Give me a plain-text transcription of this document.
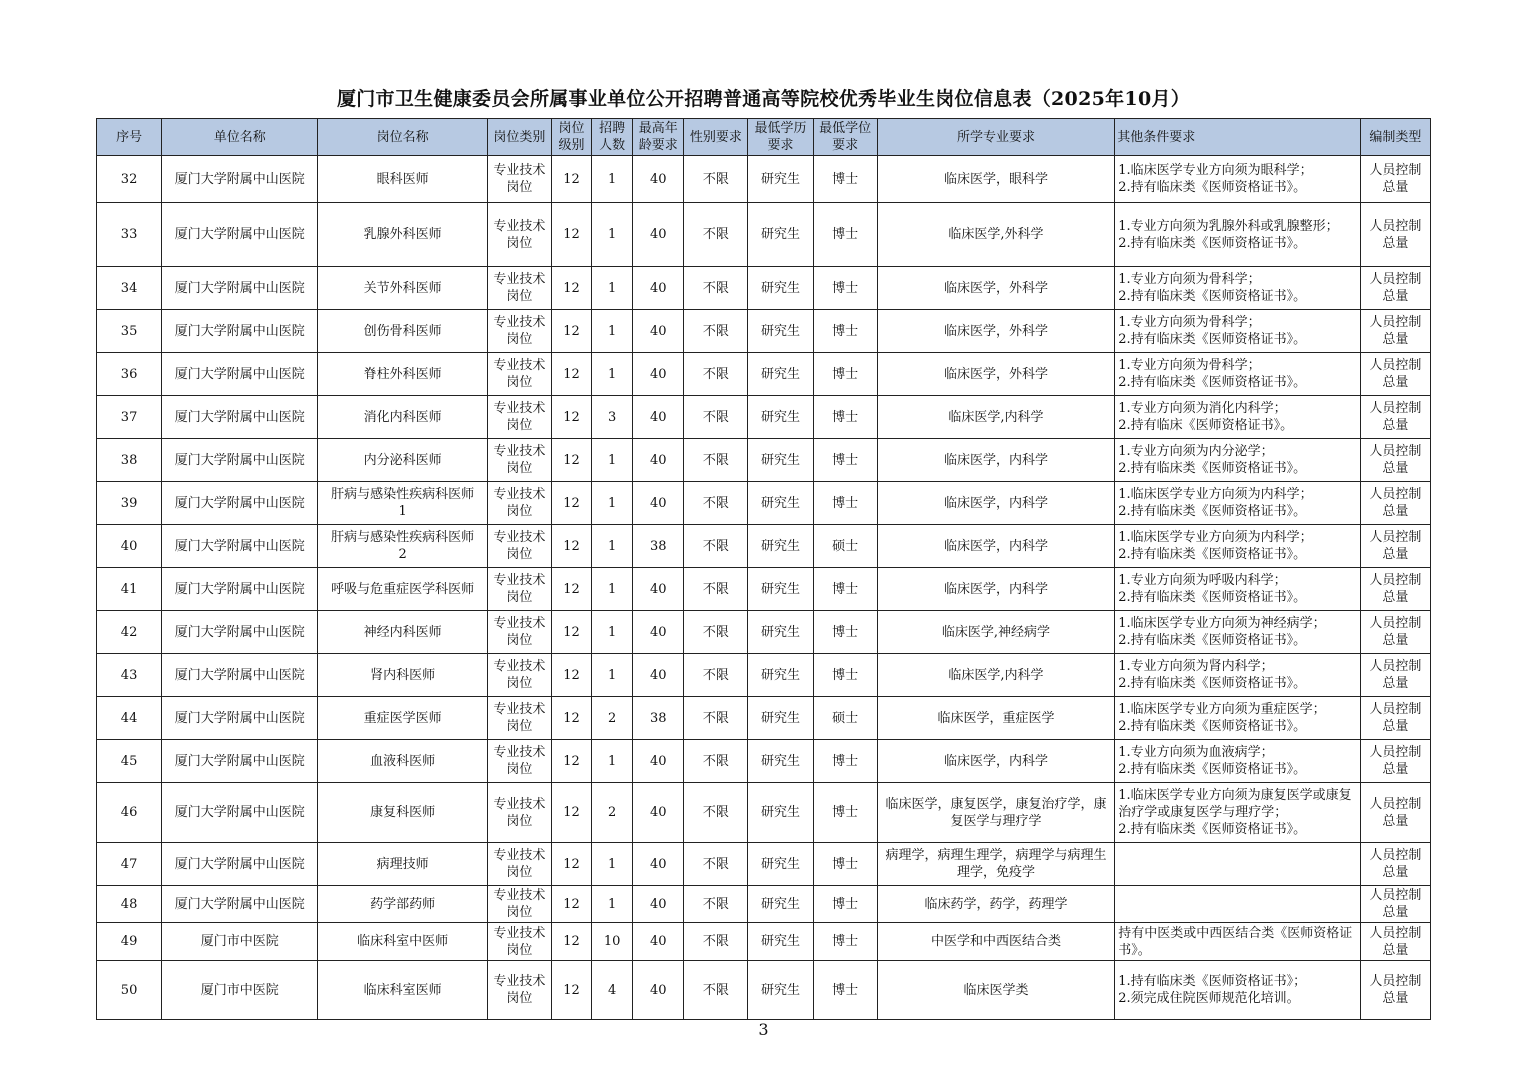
厦门市卫生健康委员会所属事业单位公开招聘普通高等院校优秀毕业生岗位信息表（2025年10月）
序号	单位名称	岗位名称	岗位类别	岗位级别	招聘人数	最高年龄要求	性别要求	最低学历要求	最低学位要求	所学专业要求	其他条件要求	编制类型
32	厦门大学附属中山医院	眼科医师	专业技术
岗位	12	1	40	不限	研究生	博士	临床医学，眼科学	1.临床医学专业方向须为眼科学；
2.持有临床类《医师资格证书》。	人员控制
总量
33	厦门大学附属中山医院	乳腺外科医师	专业技术
岗位	12	1	40	不限	研究生	博士	临床医学,外科学	1.专业方向须为乳腺外科或乳腺整形；
2.持有临床类《医师资格证书》。	人员控制
总量
34	厦门大学附属中山医院	关节外科医师	专业技术
岗位	12	1	40	不限	研究生	博士	临床医学，外科学	1.专业方向须为骨科学；
2.持有临床类《医师资格证书》。	人员控制
总量
35	厦门大学附属中山医院	创伤骨科医师	专业技术
岗位	12	1	40	不限	研究生	博士	临床医学，外科学	1.专业方向须为骨科学；
2.持有临床类《医师资格证书》。	人员控制
总量
36	厦门大学附属中山医院	脊柱外科医师	专业技术
岗位	12	1	40	不限	研究生	博士	临床医学，外科学	1.专业方向须为骨科学；
2.持有临床类《医师资格证书》。	人员控制
总量
37	厦门大学附属中山医院	消化内科医师	专业技术
岗位	12	3	40	不限	研究生	博士	临床医学,内科学	1.专业方向须为消化内科学；
2.持有临床《医师资格证书》。	人员控制
总量
38	厦门大学附属中山医院	内分泌科医师	专业技术
岗位	12	1	40	不限	研究生	博士	临床医学，内科学	1.专业方向须为内分泌学；
2.持有临床类《医师资格证书》。	人员控制
总量
39	厦门大学附属中山医院	肝病与感染性疾病科医师
1	专业技术
岗位	12	1	40	不限	研究生	博士	临床医学，内科学	1.临床医学专业方向须为内科学；
2.持有临床类《医师资格证书》。	人员控制
总量
40	厦门大学附属中山医院	肝病与感染性疾病科医师
2	专业技术
岗位	12	1	38	不限	研究生	硕士	临床医学，内科学	1.临床医学专业方向须为内科学；
2.持有临床类《医师资格证书》。	人员控制
总量
41	厦门大学附属中山医院	呼吸与危重症医学科医师	专业技术
岗位	12	1	40	不限	研究生	博士	临床医学，内科学	1.专业方向须为呼吸内科学；
2.持有临床类《医师资格证书》。	人员控制
总量
42	厦门大学附属中山医院	神经内科医师	专业技术
岗位	12	1	40	不限	研究生	博士	临床医学,神经病学	1.临床医学专业方向须为神经病学；
2.持有临床类《医师资格证书》。	人员控制
总量
43	厦门大学附属中山医院	肾内科医师	专业技术
岗位	12	1	40	不限	研究生	博士	临床医学,内科学	1.专业方向须为肾内科学；
2.持有临床类《医师资格证书》。	人员控制
总量
44	厦门大学附属中山医院	重症医学医师	专业技术
岗位	12	2	38	不限	研究生	硕士	临床医学，重症医学	1.临床医学专业方向须为重症医学；
2.持有临床类《医师资格证书》。	人员控制
总量
45	厦门大学附属中山医院	血液科医师	专业技术
岗位	12	1	40	不限	研究生	博士	临床医学，内科学	1.专业方向须为血液病学；
2.持有临床类《医师资格证书》。	人员控制
总量
46	厦门大学附属中山医院	康复科医师	专业技术
岗位	12	2	40	不限	研究生	博士	临床医学，康复医学，康复治疗学，康复医学与理疗学	1.临床医学专业方向须为康复医学或康复治疗学或康复医学与理疗学；
2.持有临床类《医师资格证书》。	人员控制
总量
47	厦门大学附属中山医院	病理技师	专业技术
岗位	12	1	40	不限	研究生	博士	病理学，病理生理学，病理学与病理生理学，免疫学		人员控制
总量
48	厦门大学附属中山医院	药学部药师	专业技术
岗位	12	1	40	不限	研究生	博士	临床药学，药学，药理学		人员控制
总量
49	厦门市中医院	临床科室中医师	专业技术
岗位	12	10	40	不限	研究生	博士	中医学和中西医结合类	持有中医类或中西医结合类《医师资格证书》。	人员控制
总量
50	厦门市中医院	临床科室医师	专业技术
岗位	12	4	40	不限	研究生	博士	临床医学类	1.持有临床类《医师资格证书》；
2.须完成住院医师规范化培训。	人员控制
总量
3
